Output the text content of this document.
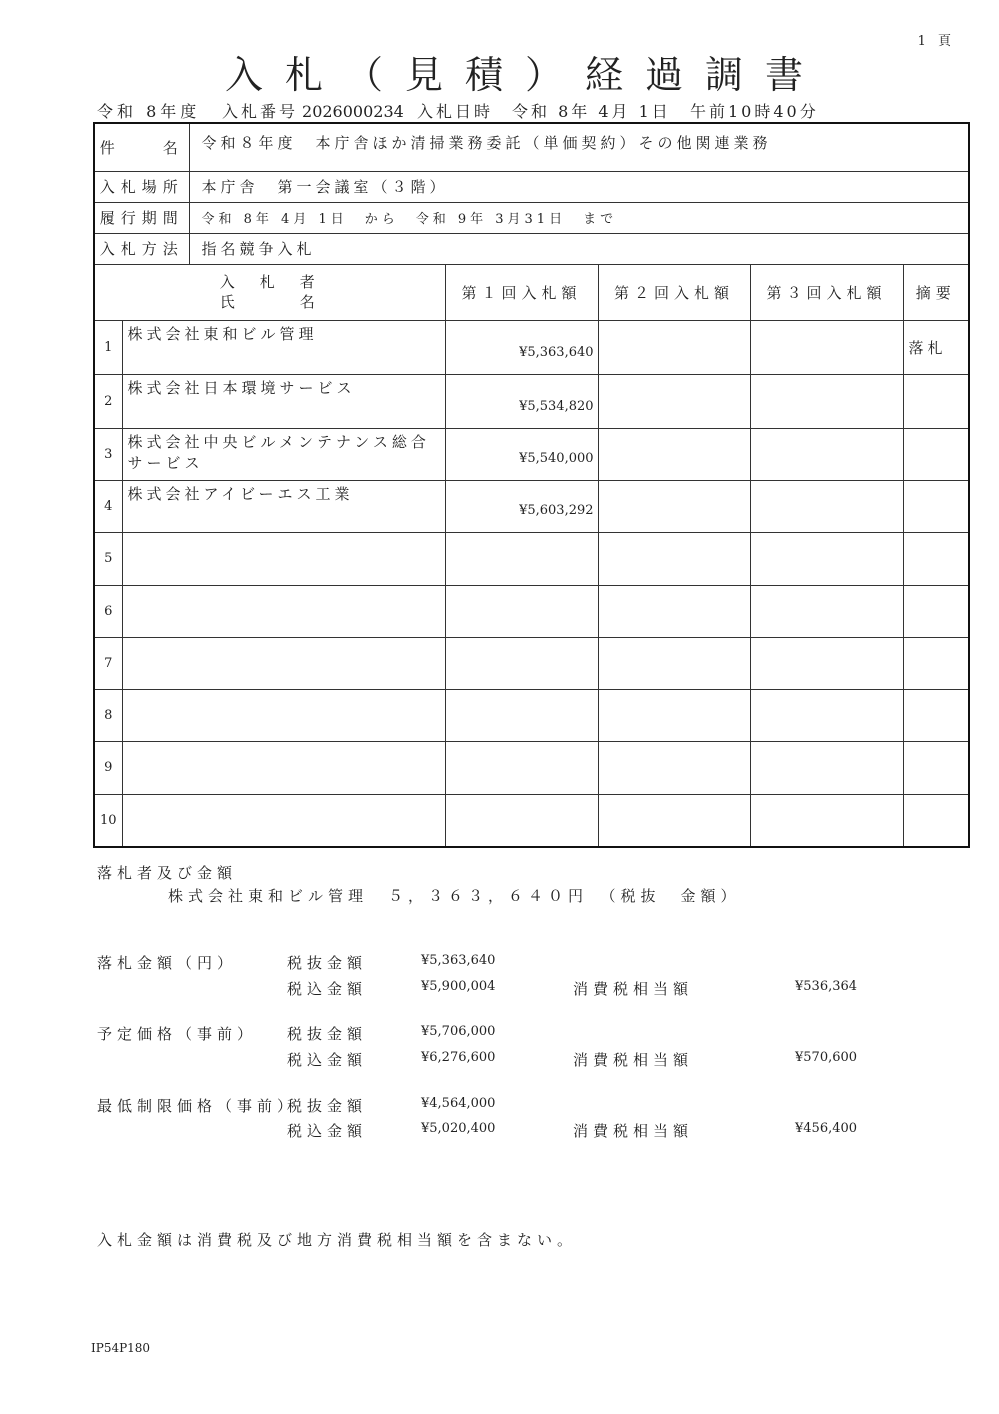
1 頁
入札（見積）経過調書
令和 8年度 入札番号 2026000234 入札日時　令和 8年 4月 1日 午前10時40分
件　　名		令和８年度　本庁舎ほか清掃業務委託（単価契約）その他関連業務				
入札場所		本庁舎　第一会議室（３階）				
履行期間		令和 8年 4月 1日　から　令和 9年 3月31日　まで				
入札方法		指名競争入札				

入　札　者
氏　　　名			第１回入札額	第２回入札額	第３回入札額	摘要
1	株式会社東和ビル管理		¥5,363,640			落札
2	株式会社日本環境サービス		¥5,534,820			
3	株式会社中央ビルメンテナンス総合サービス		¥5,540,000			
4	株式会社アイビーエス工業		¥5,603,292			
5						
6						
7						
8						
9						
10						
落札者及び金額
株式会社東和ビル管理　５，３６３，６４０円　（税抜　金額）
落札金額（円）	税抜金額	¥5,363,640
税込金額	¥5,900,004	消費税相当額	¥536,364
予定価格（事前） 税抜金額	¥5,706,000
税込金額	¥6,276,600	消費税相当額	¥570,600
最低制限価格（事前）
税抜金額	¥4,564,000
税込金額	¥5,020,400	消費税相当額	¥456,400
入札金額は消費税及び地方消費税相当額を含まない。
IP54P180
